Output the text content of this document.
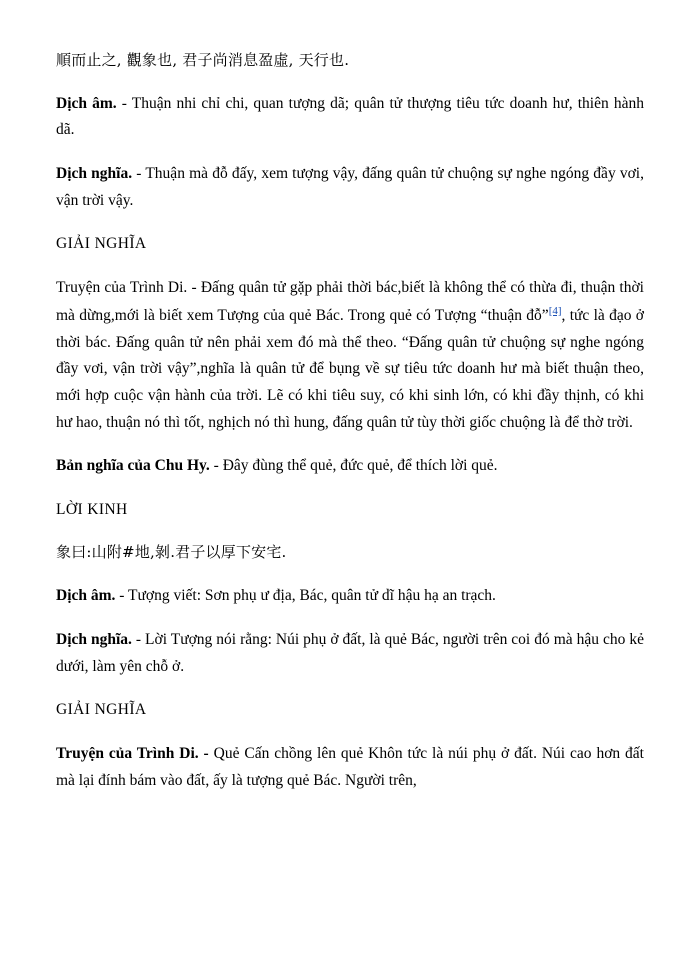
順而止之, 觀象也, 君子尚消息盈虛, 天行也.

Dịch âm. - Thuận nhi chỉ chi, quan tượng dã; quân tử thượng tiêu tức doanh hư, thiên hành dã.

Dịch nghĩa. - Thuận mà đỗ đấy, xem tượng vậy, đấng quân tử chuộng sự nghe ngóng đầy vơi, vận trời vậy.

GIẢI NGHĨA

Truyện của Trình Di. - Đấng quân tử gặp phải thời bác,biết là không thể có thừa đi, thuận thời mà dừng,mới là biết xem Tượng của quẻ Bác. Trong quẻ có Tượng “thuận đỗ”[4], tức là đạo ở thời bác. Đấng quân tử nên phải xem đó mà thể theo. “Đấng quân tử chuộng sự nghe ngóng đầy vơi, vận trời vậy”,nghĩa là quân tử để bụng về sự tiêu tức doanh hư mà biết thuận theo, mới hợp cuộc vận hành của trời. Lẽ có khi tiêu suy, có khi sinh lớn, có khi đầy thịnh, có khi hư hao, thuận nó thì tốt, nghịch nó thì hung, đấng quân tử tùy thời giốc chuộng là để thờ trời.

Bản nghĩa của Chu Hy. - Đây đùng thể quẻ, đức quẻ, để thích lời quẻ.

LỜI KINH

象曰:山附#地,剝.君子以厚下安宅.

Dịch âm. - Tượng viết: Sơn phụ ư địa, Bác, quân tử dĩ hậu hạ an trạch.

Dịch nghĩa. - Lời Tượng nói rằng: Núi phụ ở đất, là quẻ Bác, người trên coi đó mà hậu cho kẻ dưới, làm yên chỗ ở.

GIẢI NGHĨA

Truyện của Trình Di. - Quẻ Cấn chồng lên quẻ Khôn tức là núi phụ ở đất. Núi cao hơn đất mà lại đính bám vào đất, ấy là tượng quẻ Bác. Người trên,
